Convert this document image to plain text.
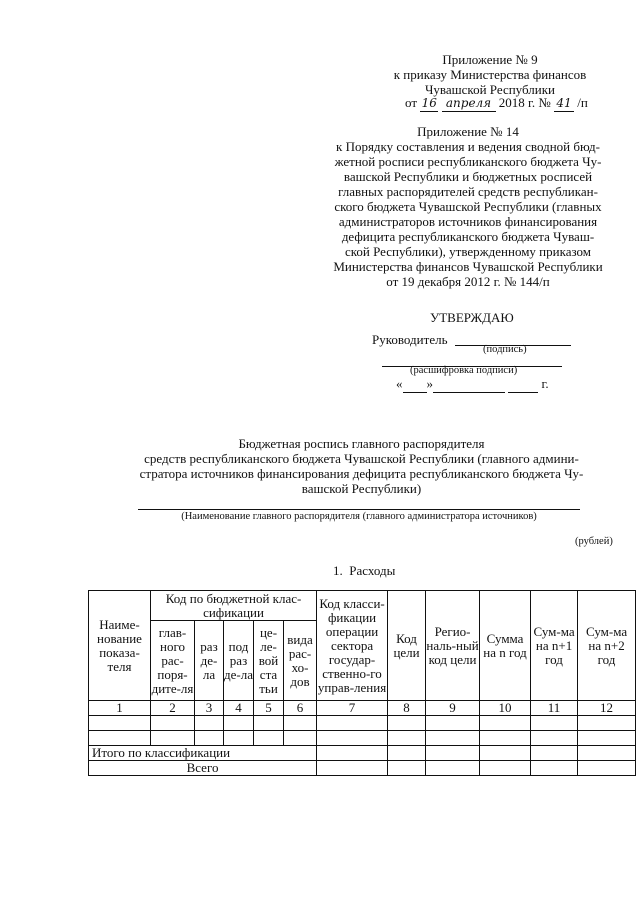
Приложение № 9
к приказу Министерства финансов
Чувашской Республики
от 16 апреля 2018 г. № 41 /п
Приложение № 14
к Порядку составления и ведения сводной бюд-
жетной росписи республиканского бюджета Чу-
вашской Республики и бюджетных росписей
главных распорядителей средств республикан-
ского бюджета Чувашской Республики (главных
администраторов источников финансирования
дефицита республиканского бюджета Чуваш-
ской Республики), утвержденному приказом
Министерства финансов Чувашской Республики
от 19 декабря 2012 г. № 144/п
УТВЕРЖДАЮ
Руководитель
(подпись)
(расшифровка подписи)
« »	г.
Бюджетная роспись главного распорядителя
средств республиканского бюджета Чувашской Республики (главного админи-
стратора источников финансирования дефицита республиканского бюджета Чу-
вашской Республики)
(Наименование главного распорядителя (главного администратора источников)
(рублей)
1.  Расходы
Наиме-нование показа-теля	Код по бюджетной клас-сификации					Код класси-фикации операции сектора государ-ственно-го управ-ления	Код цели	Регио-наль-ный код цели	Сумма на n год	Сум-ма на n+1 год	Сум-ма на n+2 год
	глав-ного рас-поря-дите-ля	раз де-ла	под раз де-ла	це-ле-вой ста тьи	вида рас-хо-дов						
1	2	3	4	5	6	7	8	9	10	11	12

Итого по классификации											
Всего											
